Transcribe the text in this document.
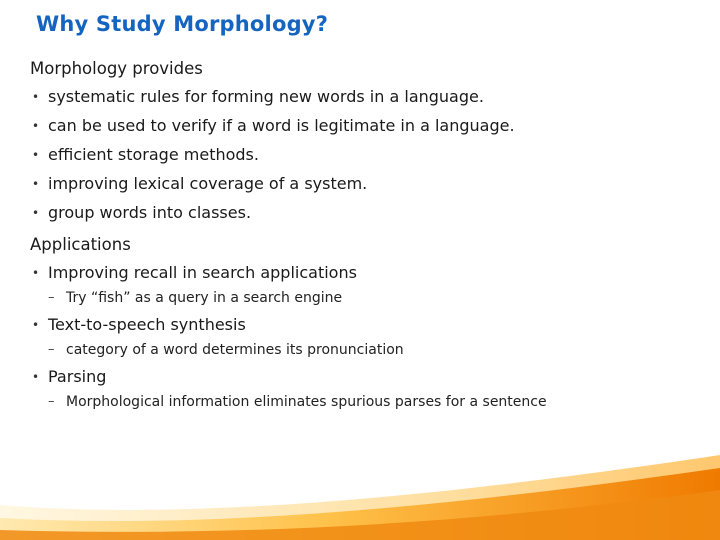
Why Study Morphology?

Morphology provides

• systematic rules for forming new words in a language.
• can be used to verify if a word is legitimate in a language.
• efficient storage methods.
• improving lexical coverage of a system.
• group words into classes.

Applications

• Improving recall in search applications
– Try “fish” as a query in a search engine
• Text-to-speech synthesis
– category of a word determines its pronunciation
• Parsing
– Morphological information eliminates spurious parses for a sentence
